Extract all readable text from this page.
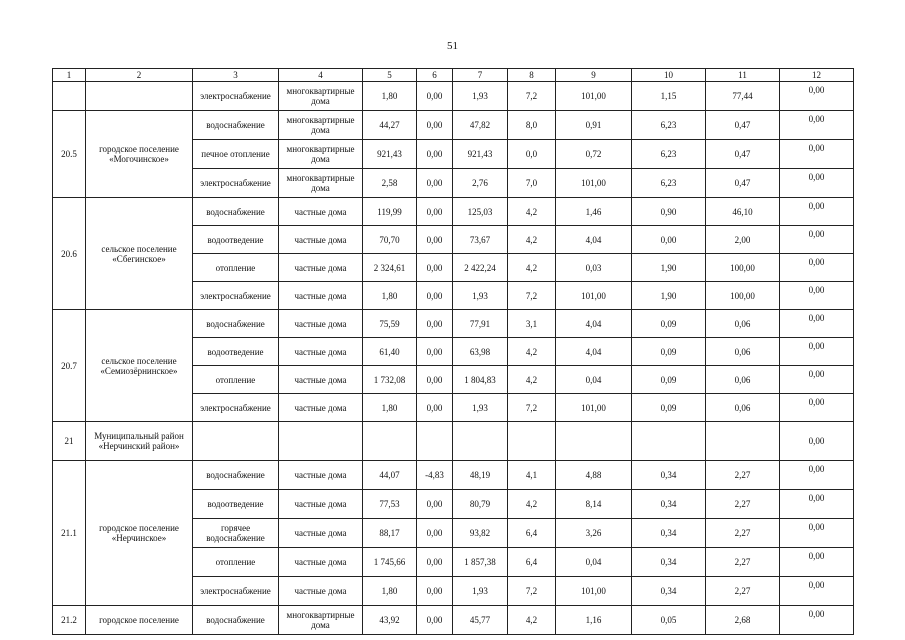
51
1	2	3	4	5	6	7	8	9	10	11	12
		электроснабжение	многоквартирные дома	1,80	0,00	1,93	7,2	101,00	1,15	77,44	0,00
20.5	городское поселение «Могочинское»	водоснабжение	многоквартирные дома	44,27	0,00	47,82	8,0	0,91	6,23	0,47	0,00
		печное отопление	многоквартирные дома	921,43	0,00	921,43	0,0	0,72	6,23	0,47	0,00
		электроснабжение	многоквартирные дома	2,58	0,00	2,76	7,0	101,00	6,23	0,47	0,00
20.6	сельское поселение «Сбегинское»	водоснабжение	частные дома	119,99	0,00	125,03	4,2	1,46	0,90	46,10	0,00
		водоотведение	частные дома	70,70	0,00	73,67	4,2	4,04	0,00	2,00	0,00
		отопление	частные дома	2 324,61	0,00	2 422,24	4,2	0,03	1,90	100,00	0,00
		электроснабжение	частные дома	1,80	0,00	1,93	7,2	101,00	1,90	100,00	0,00
20.7	сельское поселение «Семиозёрнинское»	водоснабжение	частные дома	75,59	0,00	77,91	3,1	4,04	0,09	0,06	0,00
		водоотведение	частные дома	61,40	0,00	63,98	4,2	4,04	0,09	0,06	0,00
		отопление	частные дома	1 732,08	0,00	1 804,83	4,2	0,04	0,09	0,06	0,00
		электроснабжение	частные дома	1,80	0,00	1,93	7,2	101,00	0,09	0,06	0,00
21	Муниципальный район «Нерчинский район»										0,00
21.1	городское поселение «Нерчинское»	водоснабжение	частные дома	44,07	-4,83	48,19	4,1	4,88	0,34	2,27	0,00
		водоотведение	частные дома	77,53	0,00	80,79	4,2	8,14	0,34	2,27	0,00
		горячее водоснабжение	частные дома	88,17	0,00	93,82	6,4	3,26	0,34	2,27	0,00
		отопление	частные дома	1 745,66	0,00	1 857,38	6,4	0,04	0,34	2,27	0,00
		электроснабжение	частные дома	1,80	0,00	1,93	7,2	101,00	0,34	2,27	0,00
21.2	городское поселение	водоснабжение	многоквартирные дома	43,92	0,00	45,77	4,2	1,16	0,05	2,68	0,00
